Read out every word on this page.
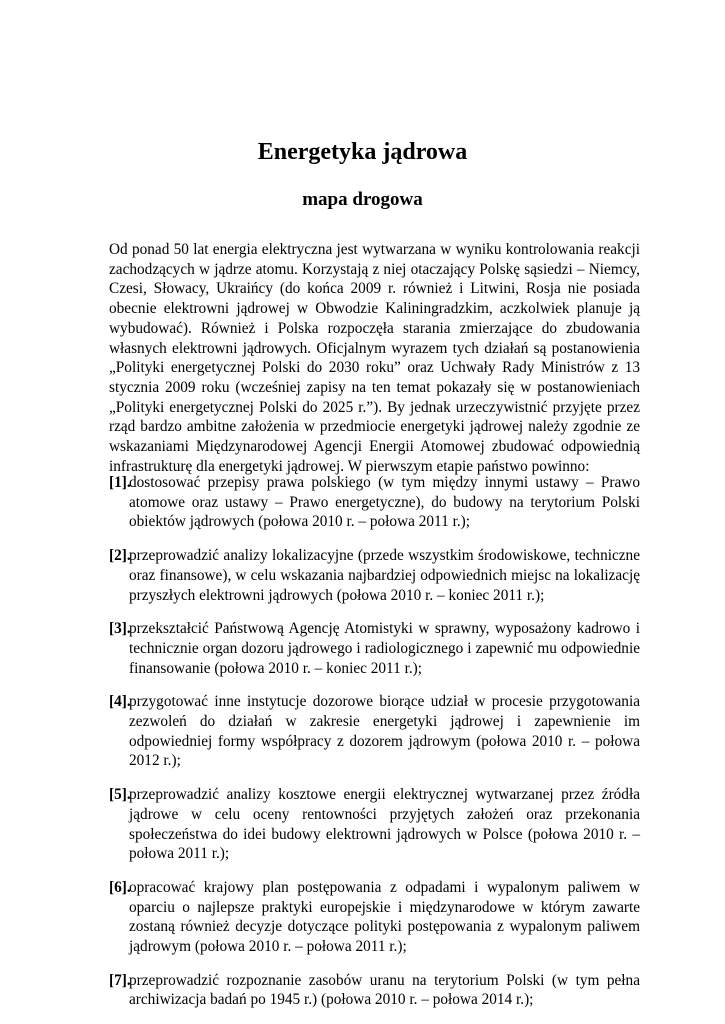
Energetyka jądrowa
mapa drogowa

Od ponad 50 lat energia elektryczna jest wytwarzana w wyniku kontrolowania reakcji zachodzących w jądrze atomu. Korzystają z niej otaczający Polskę sąsiedzi – Niemcy, Czesi, Słowacy, Ukraińcy (do końca 2009 r. również i Litwini, Rosja nie posiada obecnie elektrowni jądrowej w Obwodzie Kaliningradzkim, aczkolwiek planuje ją wybudować). Również i Polska rozpoczęła starania zmierzające do zbudowania własnych elektrowni jądrowych. Oficjalnym wyrazem tych działań są postanowienia „Polityki energetycznej Polski do 2030 roku” oraz Uchwały Rady Ministrów z 13 stycznia 2009 roku (wcześniej zapisy na ten temat pokazały się w postanowieniach „Polityki energetycznej Polski do 2025 r.”). By jednak urzeczywistnić przyjęte przez rząd bardzo ambitne założenia w przedmiocie energetyki jądrowej należy zgodnie ze wskazaniami Międzynarodowej Agencji Energii Atomowej zbudować odpowiednią infrastrukturę dla energetyki jądrowej. W pierwszym etapie państwo powinno:

[1].
dostosować przepisy prawa polskiego (w tym między innymi ustawy – Prawo atomowe oraz ustawy – Prawo energetyczne), do budowy na terytorium Polski obiektów jądrowych (połowa 2010 r. – połowa 2011 r.);
[2].
przeprowadzić analizy lokalizacyjne (przede wszystkim środowiskowe, techniczne oraz finansowe), w celu wskazania najbardziej odpowiednich miejsc na lokalizację przyszłych elektrowni jądrowych (połowa 2010 r. – koniec 2011 r.);
[3].
przekształcić Państwową Agencję Atomistyki w sprawny, wyposażony kadrowo i technicznie organ dozoru jądrowego i radiologicznego i zapewnić mu odpowiednie finansowanie (połowa 2010 r. – koniec 2011 r.);
[4].
przygotować inne instytucje dozorowe biorące udział w procesie przygotowania zezwoleń do działań w zakresie energetyki jądrowej i zapewnienie im odpowiedniej formy współpracy z dozorem jądrowym (połowa 2010 r. – połowa 2012 r.);
[5].
przeprowadzić analizy kosztowe energii elektrycznej wytwarzanej przez źródła jądrowe w celu oceny rentowności przyjętych założeń oraz przekonania społeczeństwa do idei budowy elektrowni jądrowych w Polsce (połowa 2010 r. – połowa 2011 r.);
[6].
opracować krajowy plan postępowania z odpadami i wypalonym paliwem w oparciu o najlepsze praktyki europejskie i międzynarodowe w którym zawarte zostaną również decyzje dotyczące polityki postępowania z wypalonym paliwem jądrowym (połowa 2010 r. – połowa 2011 r.);
[7].
przeprowadzić rozpoznanie zasobów uranu na terytorium Polski (w tym pełna archiwizacja badań po 1945 r.) (połowa 2010 r. – połowa 2014 r.);
